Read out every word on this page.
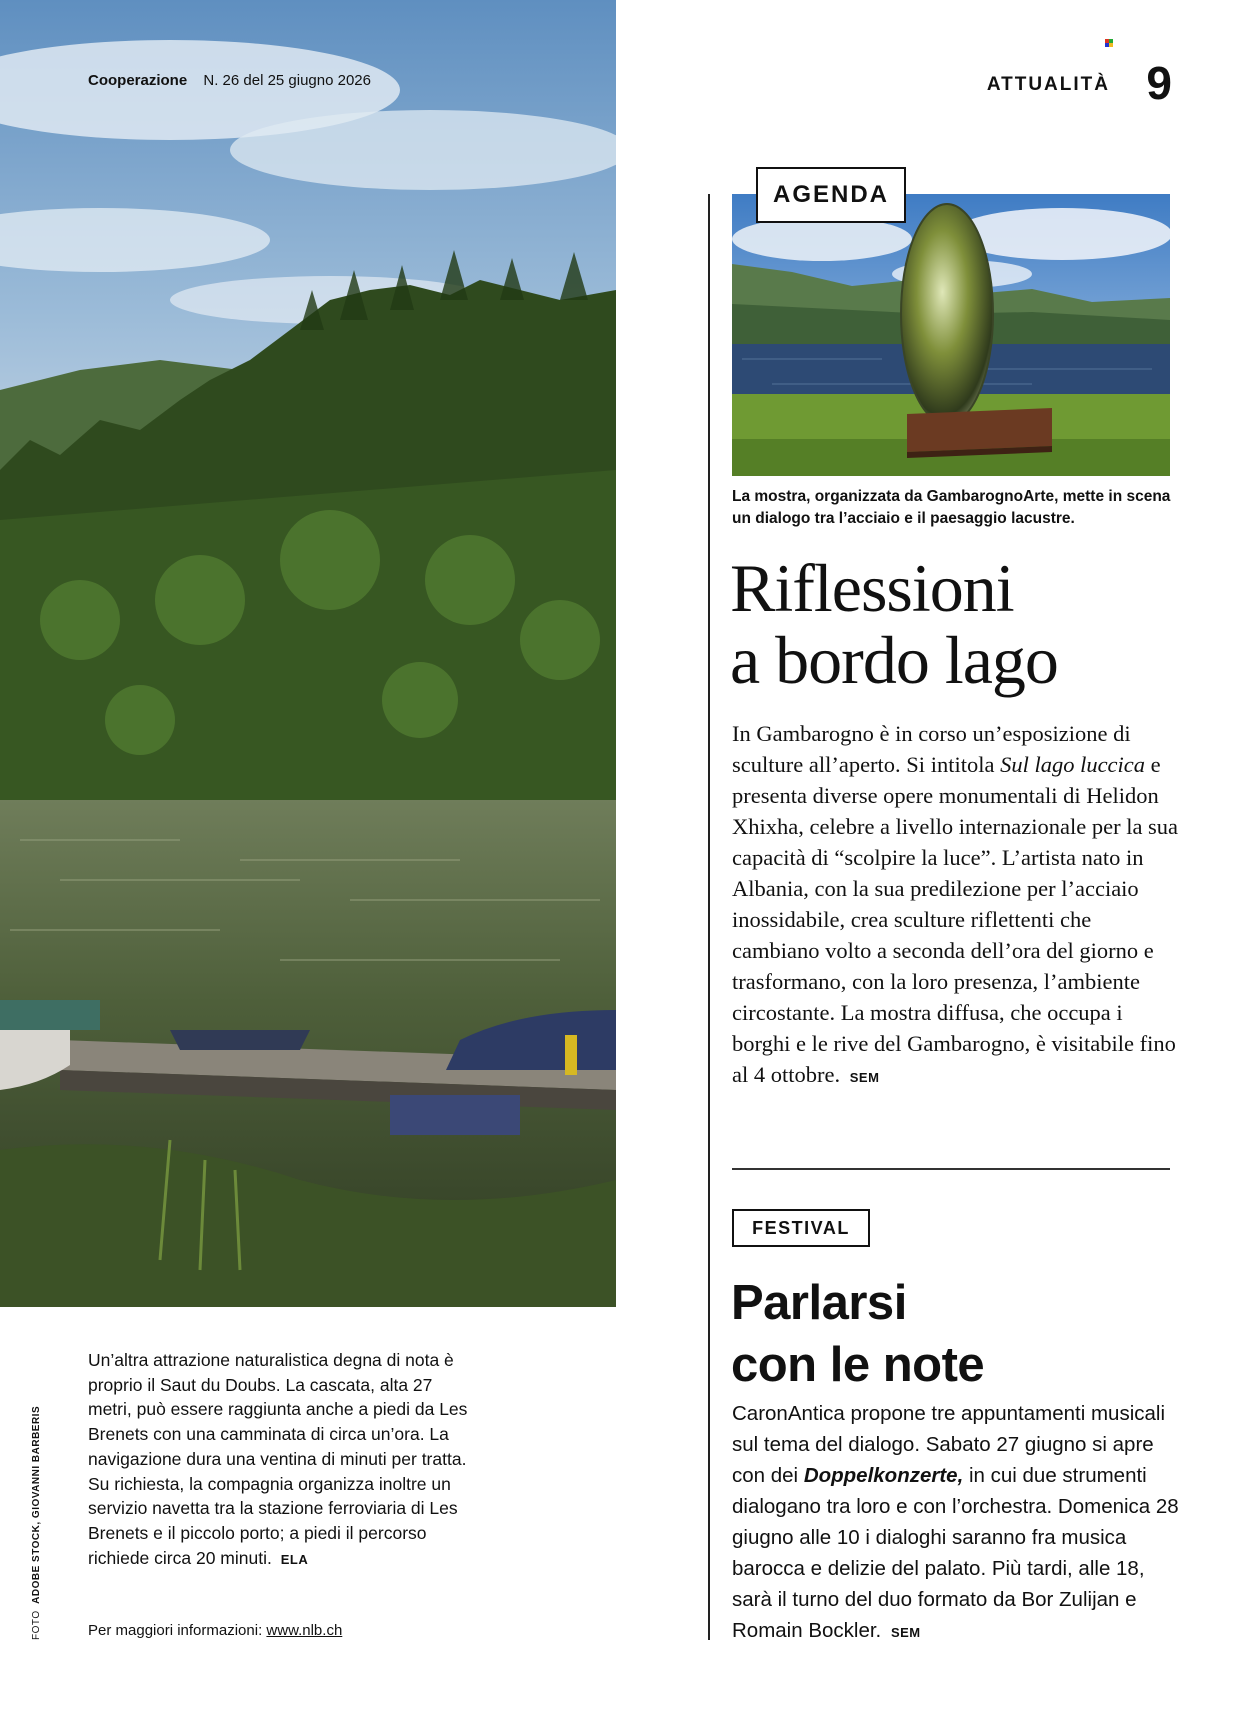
Cooperazione N. 26 del 25 giugno 2026	ATTUALITÀ 9
Un’altra attrazione naturalistica degna di nota è proprio il Saut du Doubs. La cascata, alta 27 metri, può essere raggiunta anche a piedi da Les Brenets con una camminata di circa un’ora. La navigazione dura una ventina di minuti per tratta. Su richiesta, la compagnia organizza inoltre un servizio navetta tra la stazione ferroviaria di Les Brenets e il piccolo porto; a piedi il percorso richiede circa 20 minuti. ELA
Per maggiori informazioni: www.nlb.ch
FOTO  ADOBE STOCK, GIOVANNI BARBERIS
AGENDA
La mostra, organizzata da GambarognoArte, mette in scena un dialogo tra l’acciaio e il paesaggio lacustre.
Riflessioni
a bordo lago
In Gambarogno è in corso un’esposizione di sculture all’aperto. Si intitola Sul lago luccica e presenta diverse opere monumentali di Helidon Xhixha, celebre a livello internazionale per la sua capacità di “scolpire la luce”. L’artista nato in Albania, con la sua predilezione per l’acciaio inossidabile, crea sculture riflettenti che cambiano volto a seconda dell’ora del giorno e trasformano, con la loro presenza, l’ambiente circostante. La mostra diffusa, che occupa i borghi e le rive del Gambarogno, è visitabile fino al 4 ottobre. SEM
FESTIVAL
Parlarsi
con le note
CaronAntica propone tre appuntamenti musicali sul tema del dialogo. Sabato 27 giugno si apre con dei Doppelkonzerte, in cui due strumenti dialogano tra loro e con l’orchestra. Domenica 28 giugno alle 10 i dialoghi saranno fra musica barocca e delizie del palato. Più tardi, alle 18, sarà il turno del duo formato da Bor Zulijan e Romain Bockler. SEM
